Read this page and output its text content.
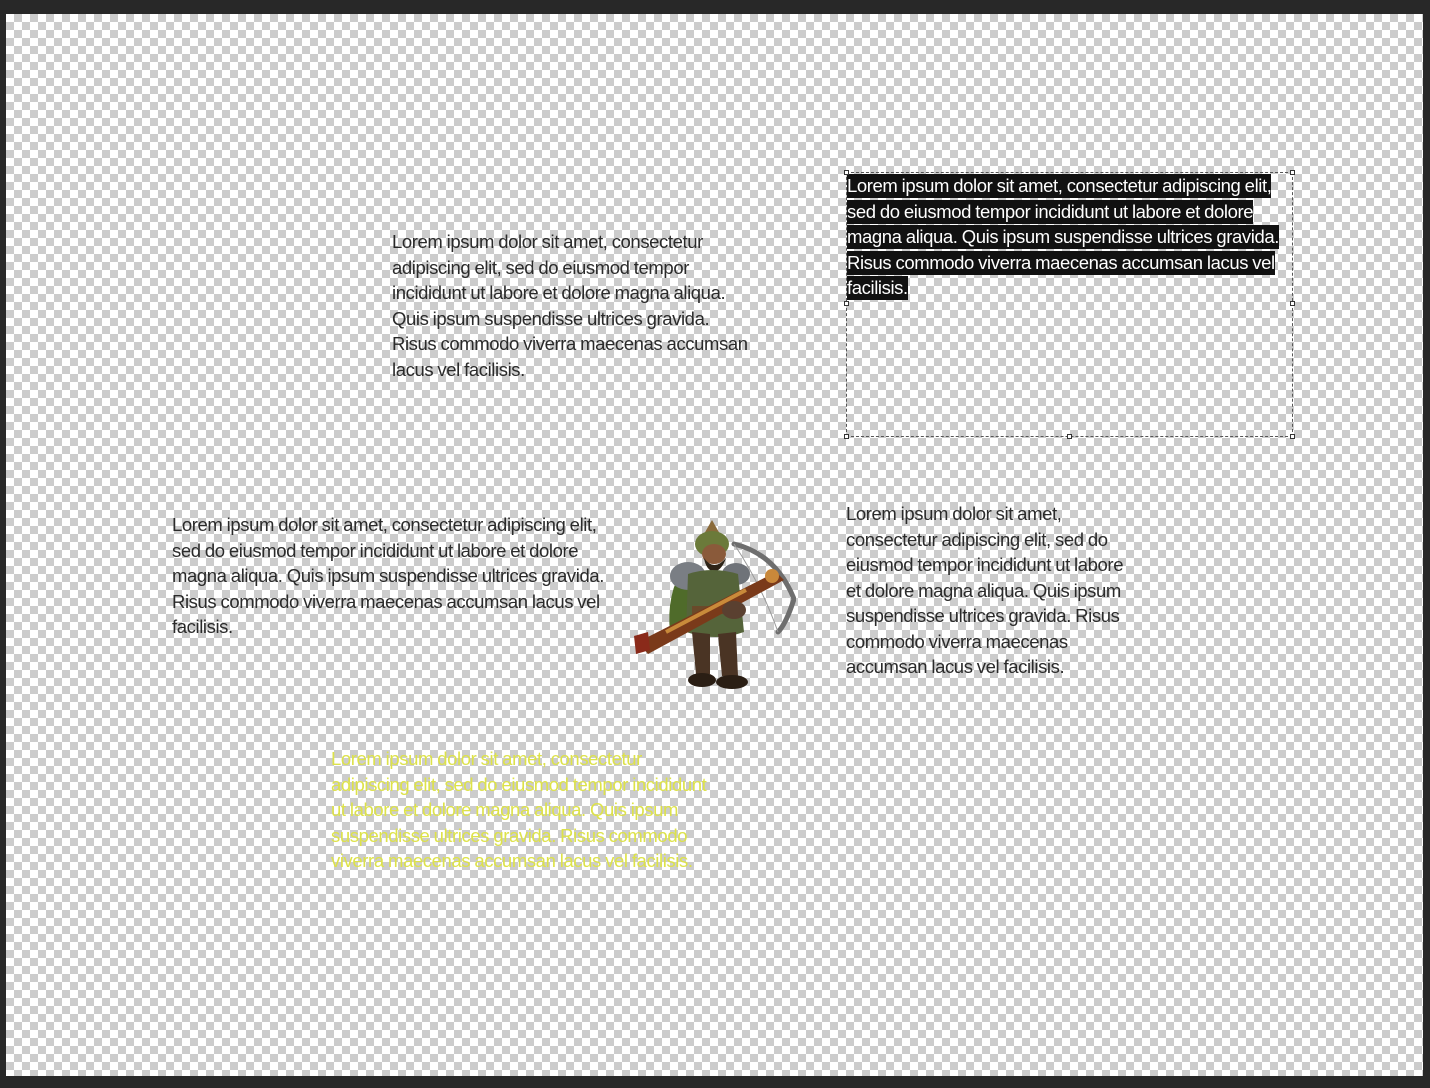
Lorem ipsum dolor sit amet, consectetur adipiscing elit, sed do eiusmod tempor incididunt ut labore et dolore magna aliqua. Quis ipsum suspendisse ultrices gravida. Risus commodo viverra maecenas accumsan lacus vel facilisis.

Lorem ipsum dolor sit amet, consectetur adipiscing elit, sed do eiusmod tempor incididunt ut labore et dolore magna aliqua. Quis ipsum suspendisse ultrices gravida. Risus commodo viverra maecenas accumsan lacus vel facilisis.

Lorem ipsum dolor sit amet, consectetur adipiscing elit, sed do eiusmod tempor incididunt ut labore et dolore magna aliqua. Quis ipsum suspendisse ultrices gravida. Risus commodo viverra maecenas accumsan lacus vel facilisis.

Lorem ipsum dolor sit amet, consectetur adipiscing elit, sed do eiusmod tempor incididunt ut labore et dolore magna aliqua. Quis ipsum suspendisse ultrices gravida. Risus commodo viverra maecenas accumsan lacus vel facilisis.

Lorem ipsum dolor sit amet, consectetur adipiscing elit, sed do eiusmod tempor incididunt ut labore et dolore magna aliqua. Quis ipsum suspendisse ultrices gravida. Risus commodo viverra maecenas accumsan lacus vel facilisis.
